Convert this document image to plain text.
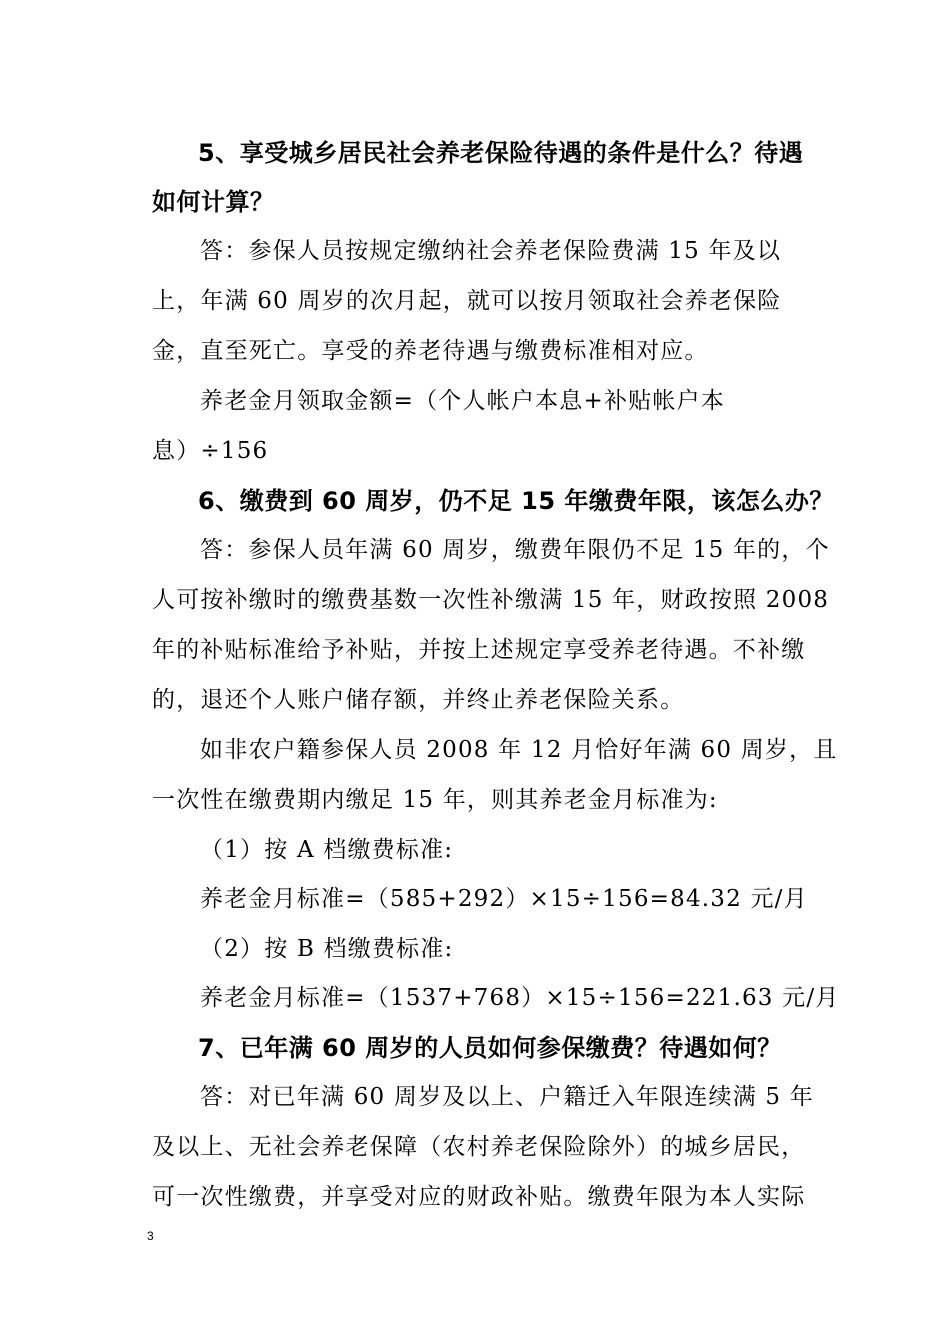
5、享受城乡居民社会养老保险待遇的条件是什么？待遇

如何计算？

答：参保人员按规定缴纳社会养老保险费满 15 年及以

上，年满 60 周岁的次月起，就可以按月领取社会养老保险

金，直至死亡。享受的养老待遇与缴费标准相对应。

养老金月领取金额=（个人帐户本息+补贴帐户本

息）÷156

6、缴费到 60 周岁，仍不足 15 年缴费年限，该怎么办？

答：参保人员年满 60 周岁，缴费年限仍不足 15 年的，个

人可按补缴时的缴费基数一次性补缴满 15 年，财政按照 2008

年的补贴标准给予补贴，并按上述规定享受养老待遇。不补缴

的，退还个人账户储存额，并终止养老保险关系。

如非农户籍参保人员 2008 年 12 月恰好年满 60 周岁，且

一次性在缴费期内缴足 15 年，则其养老金月标准为:

（1）按 A 档缴费标准:

养老金月标准=（585+292）×15÷156=84.32 元/月

（2）按 B 档缴费标准:

养老金月标准=（1537+768）×15÷156=221.63 元/月

7、已年满 60 周岁的人员如何参保缴费？待遇如何？

答：对已年满 60 周岁及以上、户籍迁入年限连续满 5 年

及以上、无社会养老保障（农村养老保险除外）的城乡居民，

可一次性缴费，并享受对应的财政补贴。缴费年限为本人实际

3
